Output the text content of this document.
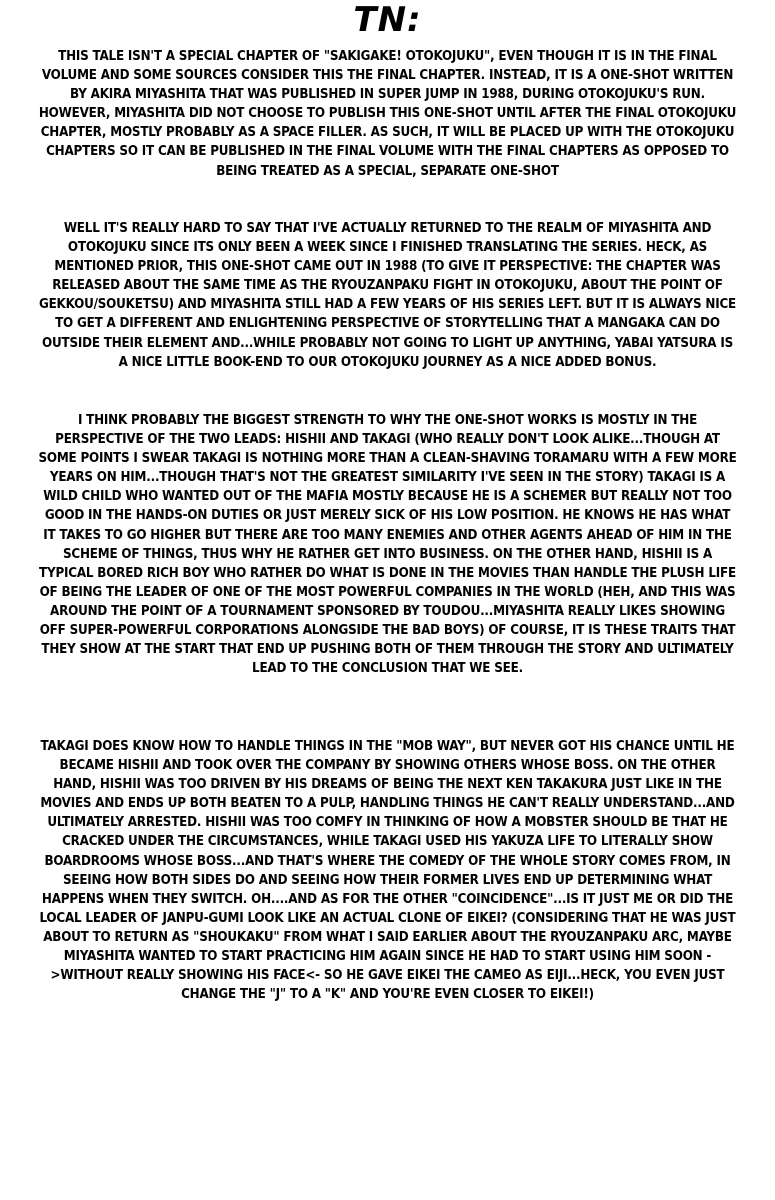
TN:
THIS TALE ISN'T A SPECIAL CHAPTER OF "SAKIGAKE! OTOKOJUKU", EVEN THOUGH IT IS IN THE FINAL VOLUME AND SOME SOURCES CONSIDER THIS THE FINAL CHAPTER. INSTEAD, IT IS A ONE-SHOT WRITTEN BY AKIRA MIYASHITA THAT WAS PUBLISHED IN SUPER JUMP IN 1988, DURING OTOKOJUKU'S RUN. HOWEVER, MIYASHITA DID NOT CHOOSE TO PUBLISH THIS ONE-SHOT UNTIL AFTER THE FINAL OTOKOJUKU CHAPTER, MOSTLY PROBABLY AS A SPACE FILLER. AS SUCH, IT WILL BE PLACED UP WITH THE OTOKOJUKU CHAPTERS SO IT CAN BE PUBLISHED IN THE FINAL VOLUME WITH THE FINAL CHAPTERS AS OPPOSED TO BEING TREATED AS A SPECIAL, SEPARATE ONE-SHOT
WELL IT'S REALLY HARD TO SAY THAT I'VE ACTUALLY RETURNED TO THE REALM OF MIYASHITA AND OTOKOJUKU SINCE ITS ONLY BEEN A WEEK SINCE I FINISHED TRANSLATING THE SERIES. HECK, AS MENTIONED PRIOR, THIS ONE-SHOT CAME OUT IN 1988 (TO GIVE IT PERSPECTIVE: THE CHAPTER WAS RELEASED ABOUT THE SAME TIME AS THE RYOUZANPAKU FIGHT IN OTOKOJUKU, ABOUT THE POINT OF GEKKOU/SOUKETSU) AND MIYASHITA STILL HAD A FEW YEARS OF HIS SERIES LEFT. BUT IT IS ALWAYS NICE TO GET A DIFFERENT AND ENLIGHTENING PERSPECTIVE OF STORYTELLING THAT A MANGAKA CAN DO OUTSIDE THEIR ELEMENT AND...WHILE PROBABLY NOT GOING TO LIGHT UP ANYTHING, YABAI YATSURA IS A NICE LITTLE BOOK-END TO OUR OTOKOJUKU JOURNEY AS A NICE ADDED BONUS.
I THINK PROBABLY THE BIGGEST STRENGTH TO WHY THE ONE-SHOT WORKS IS MOSTLY IN THE PERSPECTIVE OF THE TWO LEADS: HISHII AND TAKAGI (WHO REALLY DON'T LOOK ALIKE...THOUGH AT SOME POINTS I SWEAR TAKAGI IS NOTHING MORE THAN A CLEAN-SHAVING TORAMARU WITH A FEW MORE YEARS ON HIM...THOUGH THAT'S NOT THE GREATEST SIMILARITY I'VE SEEN IN THE STORY) TAKAGI IS A WILD CHILD WHO WANTED OUT OF THE MAFIA MOSTLY BECAUSE HE IS A SCHEMER BUT REALLY NOT TOO GOOD IN THE HANDS-ON DUTIES OR JUST MERELY SICK OF HIS LOW POSITION. HE KNOWS HE HAS WHAT IT TAKES TO GO HIGHER BUT THERE ARE TOO MANY ENEMIES AND OTHER AGENTS AHEAD OF HIM IN THE SCHEME OF THINGS, THUS WHY HE RATHER GET INTO BUSINESS. ON THE OTHER HAND, HISHII IS A TYPICAL BORED RICH BOY WHO RATHER DO WHAT IS DONE IN THE MOVIES THAN HANDLE THE PLUSH LIFE OF BEING THE LEADER OF ONE OF THE MOST POWERFUL COMPANIES IN THE WORLD (HEH, AND THIS WAS AROUND THE POINT OF A TOURNAMENT SPONSORED BY TOUDOU...MIYASHITA REALLY LIKES SHOWING OFF SUPER-POWERFUL CORPORATIONS ALONGSIDE THE BAD BOYS) OF COURSE, IT IS THESE TRAITS THAT THEY SHOW AT THE START THAT END UP PUSHING BOTH OF THEM THROUGH THE STORY AND ULTIMATELY LEAD TO THE CONCLUSION THAT WE SEE.
TAKAGI DOES KNOW HOW TO HANDLE THINGS IN THE "MOB WAY", BUT NEVER GOT HIS CHANCE UNTIL HE BECAME HISHII AND TOOK OVER THE COMPANY BY SHOWING OTHERS WHOSE BOSS. ON THE OTHER HAND, HISHII WAS TOO DRIVEN BY HIS DREAMS OF BEING THE NEXT KEN TAKAKURA JUST LIKE IN THE MOVIES AND ENDS UP BOTH BEATEN TO A PULP, HANDLING THINGS HE CAN'T REALLY UNDERSTAND...AND ULTIMATELY ARRESTED. HISHII WAS TOO COMFY IN THINKING OF HOW A MOBSTER SHOULD BE THAT HE CRACKED UNDER THE CIRCUMSTANCES, WHILE TAKAGI USED HIS YAKUZA LIFE TO LITERALLY SHOW BOARDROOMS WHOSE BOSS...AND THAT'S WHERE THE COMEDY OF THE WHOLE STORY COMES FROM, IN SEEING HOW BOTH SIDES DO AND SEEING HOW THEIR FORMER LIVES END UP DETERMINING WHAT HAPPENS WHEN THEY SWITCH. OH....AND AS FOR THE OTHER "COINCIDENCE"...IS IT JUST ME OR DID THE LOCAL LEADER OF JANPU-GUMI LOOK LIKE AN ACTUAL CLONE OF EIKEI? (CONSIDERING THAT HE WAS JUST ABOUT TO RETURN AS "SHOUKAKU" FROM WHAT I SAID EARLIER ABOUT THE RYOUZANPAKU ARC, MAYBE MIYASHITA WANTED TO START PRACTICING HIM AGAIN SINCE HE HAD TO START USING HIM SOON ->WITHOUT REALLY SHOWING HIS FACE<- SO HE GAVE EIKEI THE CAMEO AS EIJI...HECK, YOU EVEN JUST CHANGE THE "J" TO A "K" AND YOU'RE EVEN CLOSER TO EIKEI!)
